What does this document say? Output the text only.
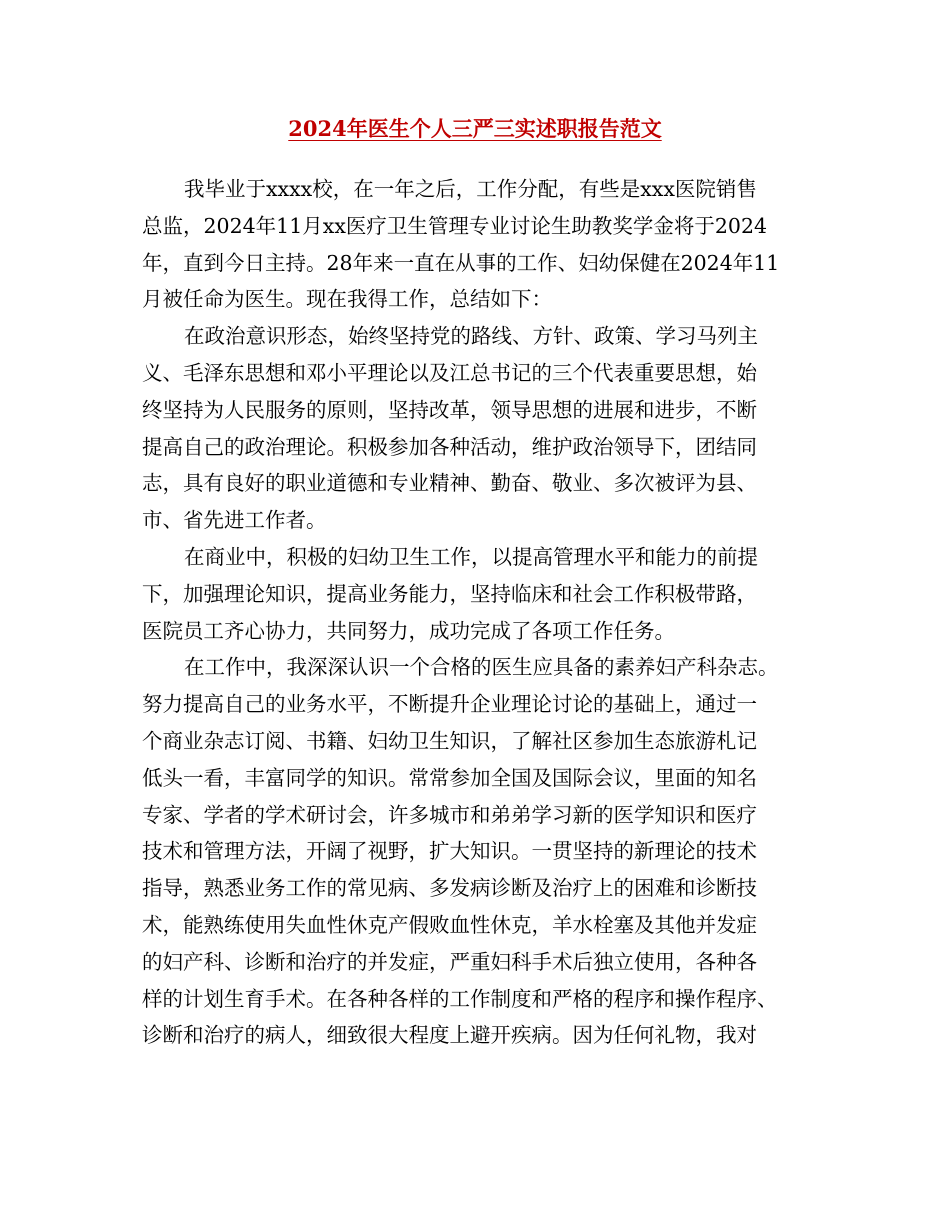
2024年医生个人三严三实述职报告范文
我毕业于xxxx校，在一年之后，工作分配，有些是xxx医院销售
总监，2024年11月xx医疗卫生管理专业讨论生助教奖学金将于2024
年，直到今日主持。28年来一直在从事的工作、妇幼保健在2024年11
月被任命为医生。现在我得工作，总结如下：
在政治意识形态，始终坚持党的路线、方针、政策、学习马列主
义、毛泽东思想和邓小平理论以及江总书记的三个代表重要思想，始
终坚持为人民服务的原则，坚持改革，领导思想的进展和进步，不断
提高自己的政治理论。积极参加各种活动，维护政治领导下，团结同
志，具有良好的职业道德和专业精神、勤奋、敬业、多次被评为县、
市、省先进工作者。
在商业中，积极的妇幼卫生工作，以提高管理水平和能力的前提
下，加强理论知识，提高业务能力，坚持临床和社会工作积极带路，
医院员工齐心协力，共同努力，成功完成了各项工作任务。
在工作中，我深深认识一个合格的医生应具备的素养妇产科杂志。
努力提高自己的业务水平，不断提升企业理论讨论的基础上，通过一
个商业杂志订阅、书籍、妇幼卫生知识，了解社区参加生态旅游札记
低头一看，丰富同学的知识。常常参加全国及国际会议，里面的知名
专家、学者的学术研讨会，许多城市和弟弟学习新的医学知识和医疗
技术和管理方法，开阔了视野，扩大知识。一贯坚持的新理论的技术
指导，熟悉业务工作的常见病、多发病诊断及治疗上的困难和诊断技
术，能熟练使用失血性休克产假败血性休克，羊水栓塞及其他并发症
的妇产科、诊断和治疗的并发症，严重妇科手术后独立使用，各种各
样的计划生育手术。在各种各样的工作制度和严格的程序和操作程序、
诊断和治疗的病人，细致很大程度上避开疾病。因为任何礼物，我对
